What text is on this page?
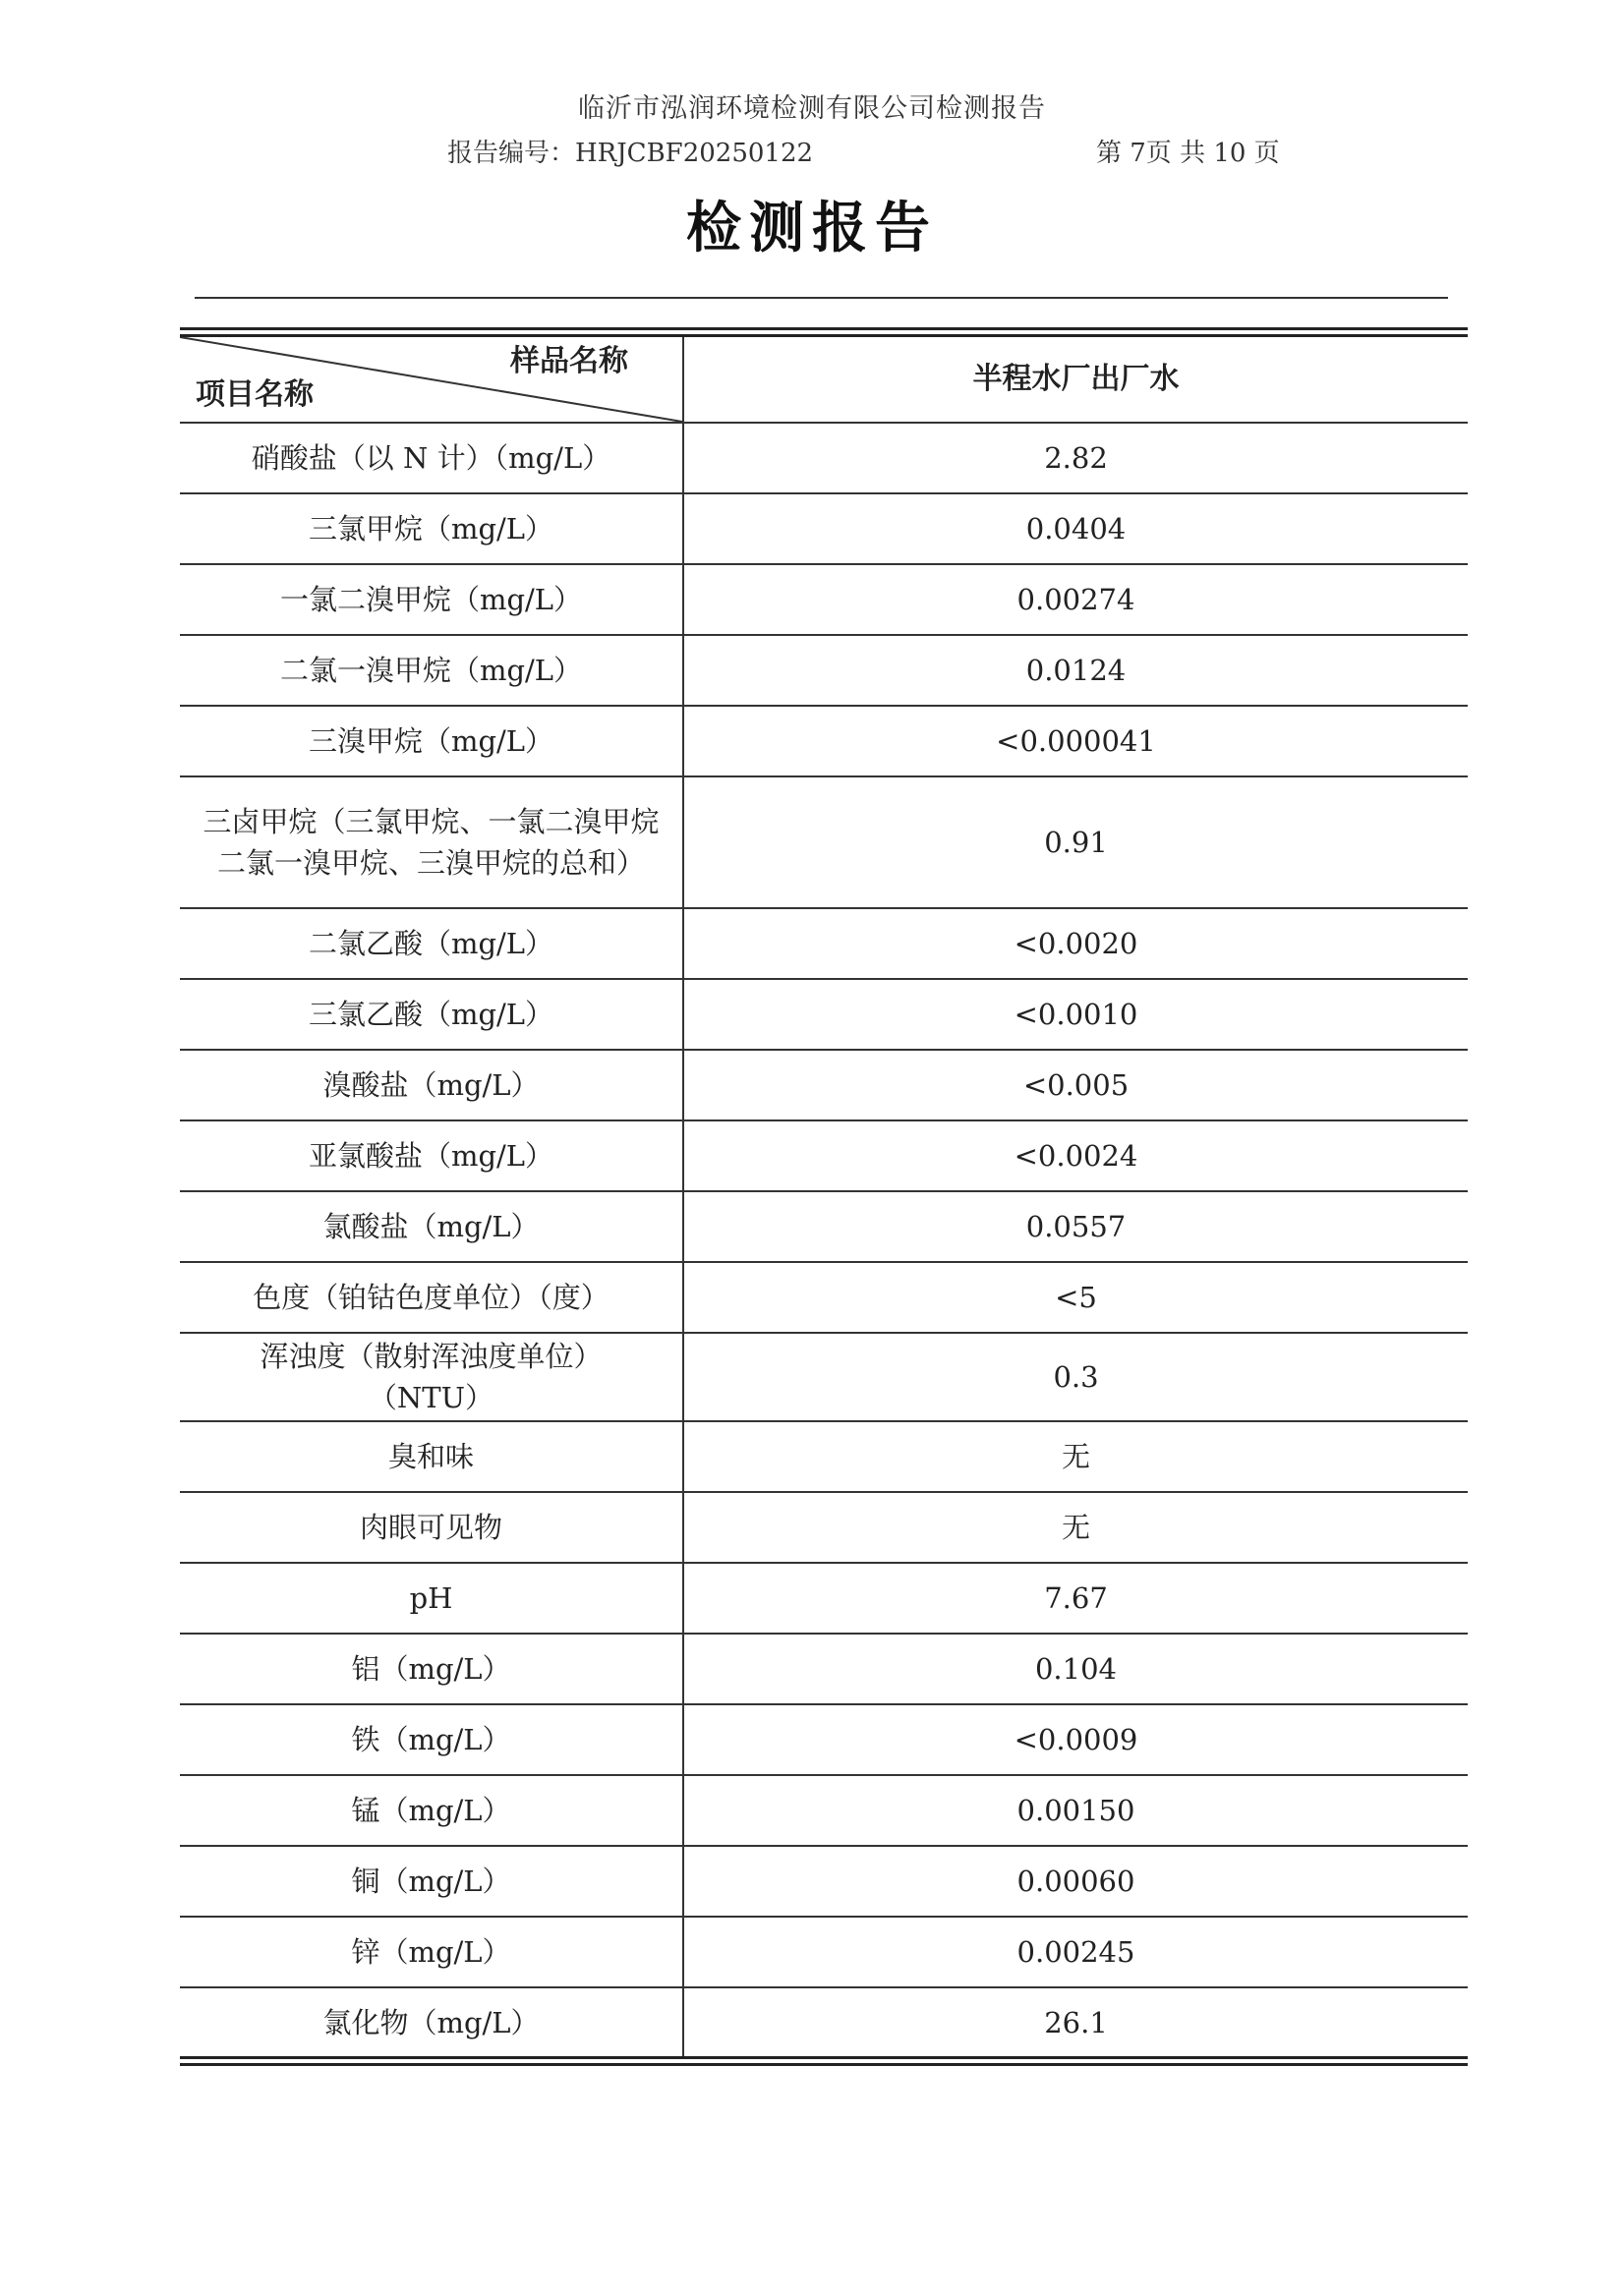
临沂市泓润环境检测有限公司检测报告
报告编号：HRJCBF20250122	第 7页 共 10 页
检测报告
样品名称
项目名称	半程水厂出厂水
硝酸盐（以 N 计）（mg/L）	2.82
三氯甲烷（mg/L）	0.0404
一氯二溴甲烷（mg/L）	0.00274
二氯一溴甲烷（mg/L）	0.0124
三溴甲烷（mg/L）	<0.000041
三卤甲烷（三氯甲烷、一氯二溴甲烷二氯一溴甲烷、三溴甲烷的总和）	0.91
二氯乙酸（mg/L）	<0.0020
三氯乙酸（mg/L）	<0.0010
溴酸盐（mg/L）	<0.005
亚氯酸盐（mg/L）	<0.0024
氯酸盐（mg/L）	0.0557
色度（铂钴色度单位）（度）	<5
浑浊度（散射浑浊度单位）（NTU）	0.3
臭和味	无
肉眼可见物	无
pH	7.67
铝（mg/L）	0.104
铁（mg/L）	<0.0009
锰（mg/L）	0.00150
铜（mg/L）	0.00060
锌（mg/L）	0.00245
氯化物（mg/L）	26.1
